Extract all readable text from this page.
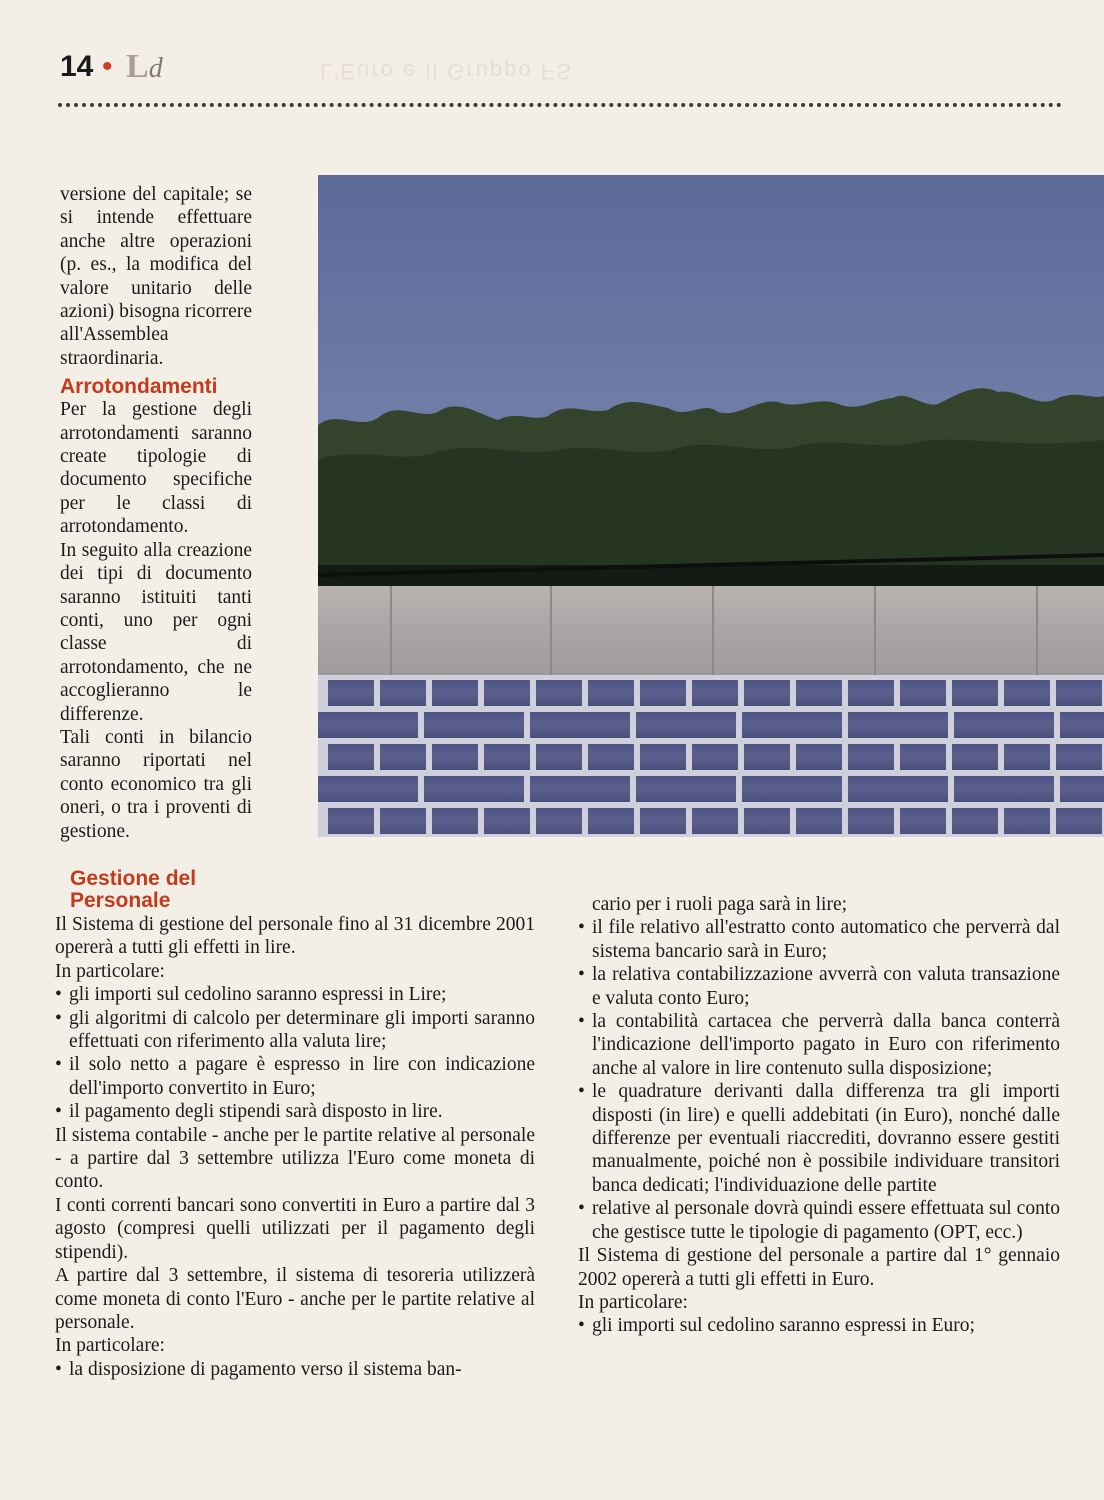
14 • Ld	L'Euro e il Gruppo FS

versione del capitale; se si intende effettuare anche altre operazioni (p. es., la modifica del valore unitario delle azioni) bisogna ricorrere all'Assemblea straordinaria.

Arrotondamenti

Per la gestione degli arrotondamenti saranno create tipologie di documento specifiche per le classi di arrotondamento.

In seguito alla creazione dei tipi di documento saranno istituiti tanti conti, uno per ogni classe di arrotondamento, che ne accoglieranno le differenze.

Tali conti in bilancio saranno riportati nel conto economico tra gli oneri, o tra i proventi di gestione.

Gestione del
Personale

Il Sistema di gestione del personale fino al 31 dicembre 2001 opererà a tutti gli effetti in lire.

In particolare:

• gli importi sul cedolino saranno espressi in Lire;
• gli algoritmi di calcolo per determinare gli importi saranno effettuati con riferimento alla valuta lire;
• il solo netto a pagare è espresso in lire con indicazione dell'importo convertito in Euro;
• il pagamento degli stipendi sarà disposto in lire.

Il sistema contabile - anche per le partite relative al personale - a partire dal 3 settembre utilizza l'Euro come moneta di conto.

I conti correnti bancari sono convertiti in Euro a partire dal 3 agosto (compresi quelli utilizzati per il pagamento degli stipendi).

A partire dal 3 settembre, il sistema di tesoreria utilizzerà come moneta di conto l'Euro - anche per le partite relative al personale.

In particolare:

• la disposizione di pagamento verso il sistema ban-
cario per i ruoli paga sarà in lire;
• il file relativo all'estratto conto automatico che perverrà dal sistema bancario sarà in Euro;
• la relativa contabilizzazione avverrà con valuta transazione e valuta conto Euro;
• la contabilità cartacea che perverrà dalla banca conterrà l'indicazione dell'importo pagato in Euro con riferimento anche al valore in lire contenuto sulla disposizione;
• le quadrature derivanti dalla differenza tra gli importi disposti (in lire) e quelli addebitati (in Euro), nonché dalle differenze per eventuali riaccrediti, dovranno essere gestiti manualmente, poiché non è possibile individuare transitori banca dedicati; l'individuazione delle partite
• relative al personale dovrà quindi essere effettuata sul conto che gestisce tutte le tipologie di pagamento (OPT, ecc.)

Il Sistema di gestione del personale a partire dal 1° gennaio 2002 opererà a tutti gli effetti in Euro.

In particolare:

• gli importi sul cedolino saranno espressi in Euro;
